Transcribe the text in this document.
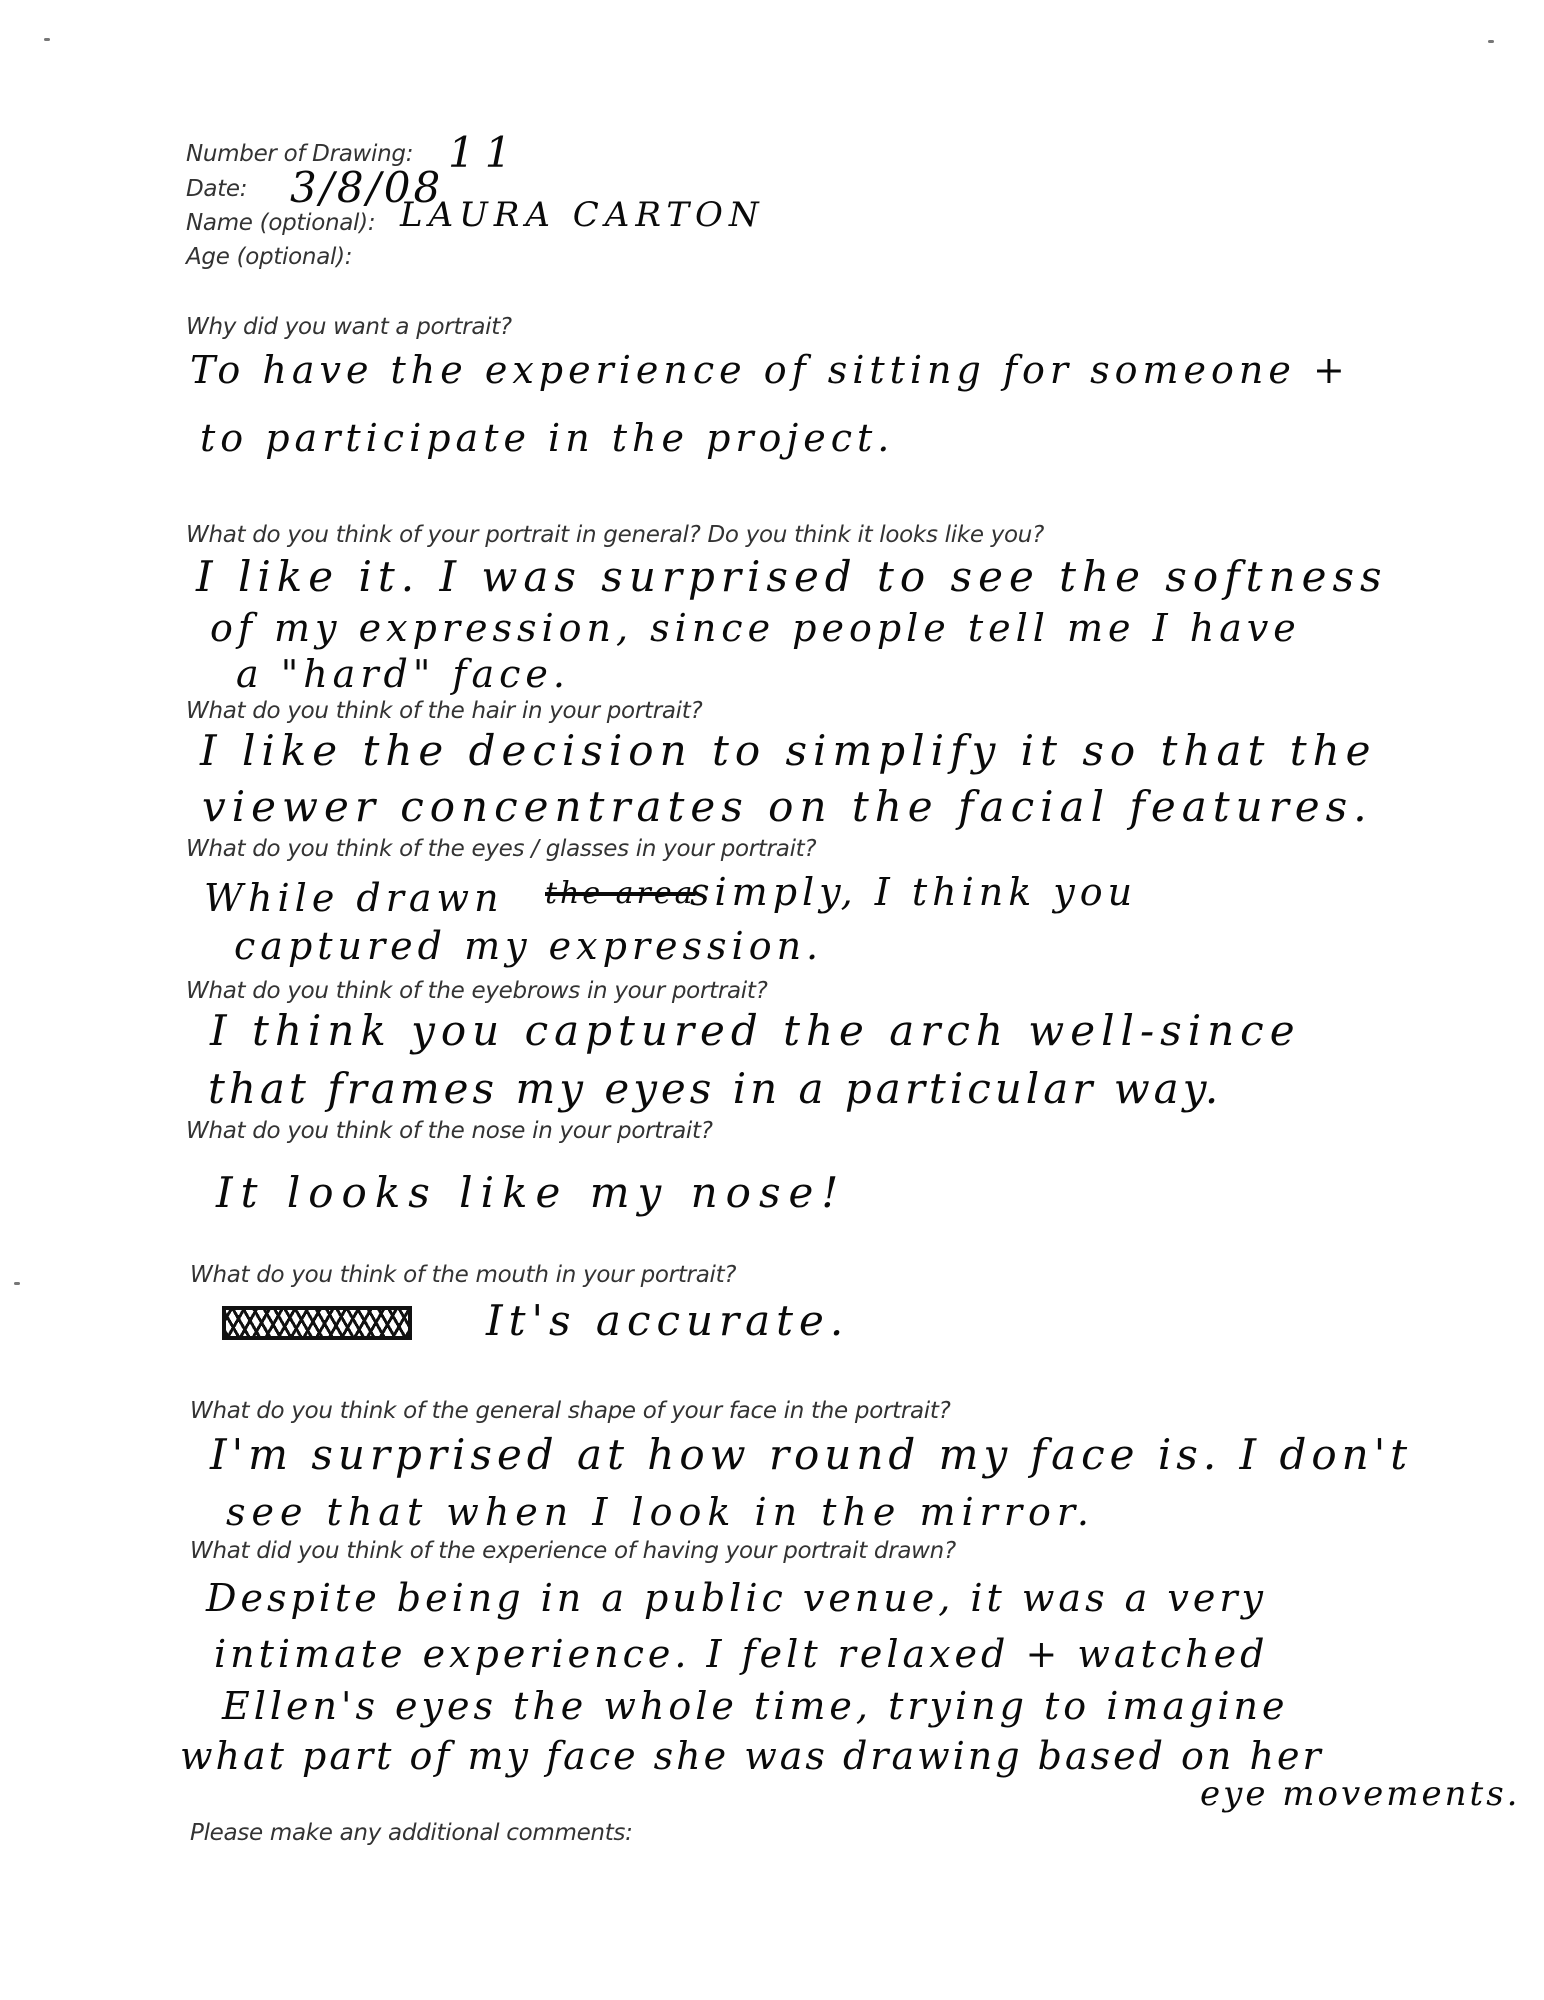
Number of Drawing: 11
Date: 3/8/08
Name (optional): LAURA CARTON
Age (optional):
Why did you want a portrait?
To have the experience of sitting for someone +
to participate in the project.
What do you think of your portrait in general? Do you think it looks like you?
I like it. I was surprised to see the softness
of my expression, since people tell me I have
a "hard" face.
What do you think of the hair in your portrait?
I like the decision to simplify it so that the
viewer concentrates on the facial features.
What do you think of the eyes / glasses in your portrait?
While drawn the area
simply, I think you
captured my expression.
What do you think of the eyebrows in your portrait?
I think you captured the arch well-since
that frames my eyes in a particular way.
What do you think of the nose in your portrait?
It looks like my nose!
What do you think of the mouth in your portrait?
It's accurate.
What do you think of the general shape of your face in the portrait?
I'm surprised at how round my face is. I don't
see that when I look in the mirror.
What did you think of the experience of having your portrait drawn?
Despite being in a public venue, it was a very
intimate experience. I felt relaxed + watched
Ellen's eyes the whole time, trying to imagine
what part of my face she was drawing based on her
eye movements.
Please make any additional comments:
